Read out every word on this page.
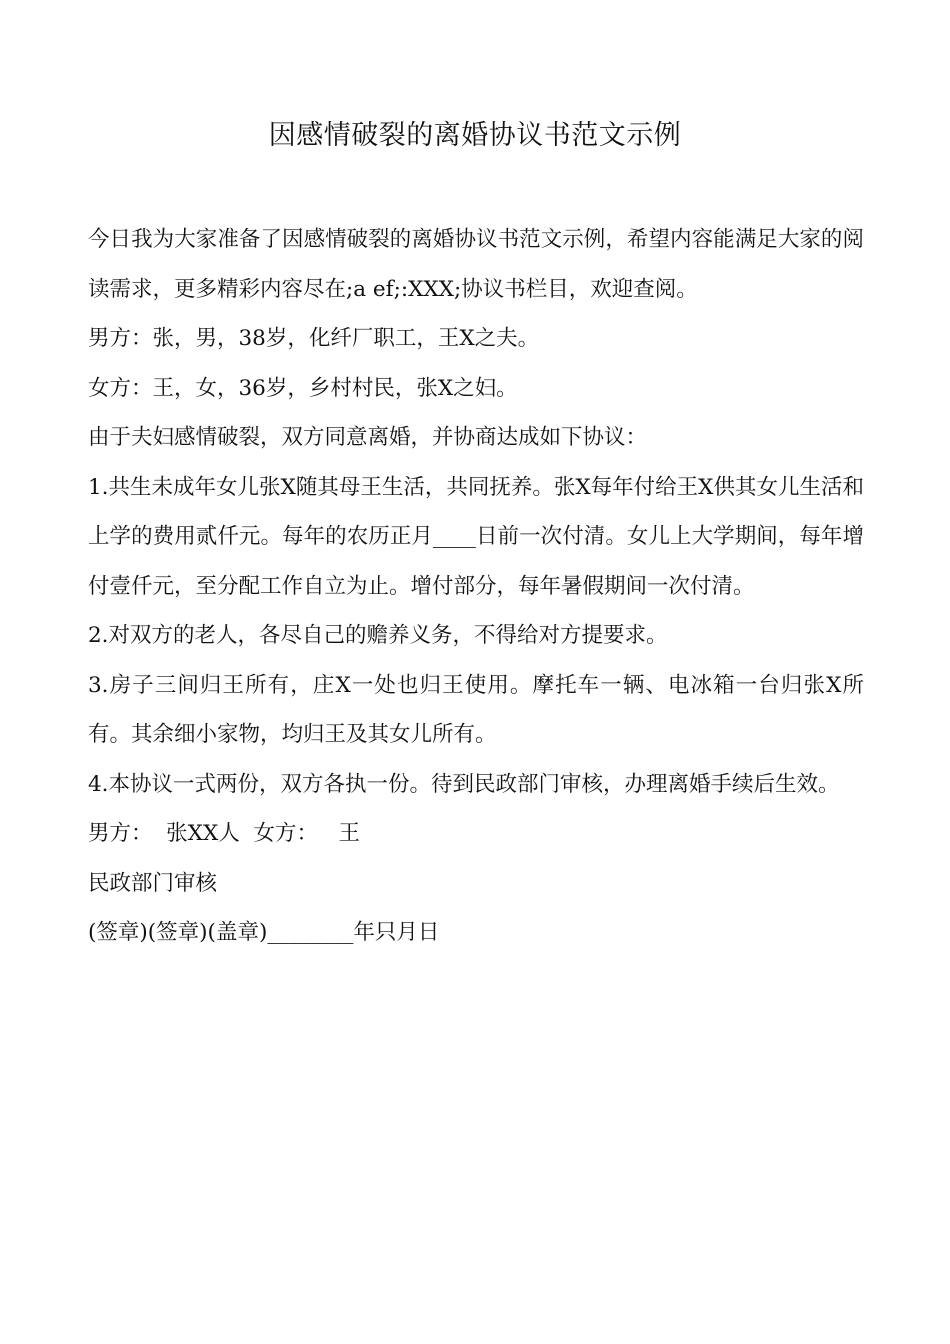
因感情破裂的离婚协议书范文示例

今日我为大家准备了因感情破裂的离婚协议书范文示例，希望内容能满足大家的阅读需求，更多精彩内容尽在;a ef;:XXX;协议书栏目，欢迎查阅。

男方：张，男，38岁，化纤厂职工，王X之夫。

女方：王，女，36岁，乡村村民，张X之妇。

由于夫妇感情破裂，双方同意离婚，并协商达成如下协议：

1.共生未成年女儿张X随其母王生活，共同抚养。张X每年付给王X供其女儿生活和上学的费用贰仟元。每年的农历正月____日前一次付清。女儿上大学期间，每年增付壹仟元，至分配工作自立为止。增付部分，每年暑假期间一次付清。

2.对双方的老人，各尽自己的赡养义务，不得给对方提要求。

3.房子三间归王所有，庄X一处也归王使用。摩托车一辆、电冰箱一台归张X所有。其余细小家物，均归王及其女儿所有。

4.本协议一式两份，双方各执一份。待到民政部门审核，办理离婚手续后生效。

男方：  张XX人  女方：   王

民政部门审核

(签章)(签章)(盖章)________年只月日
